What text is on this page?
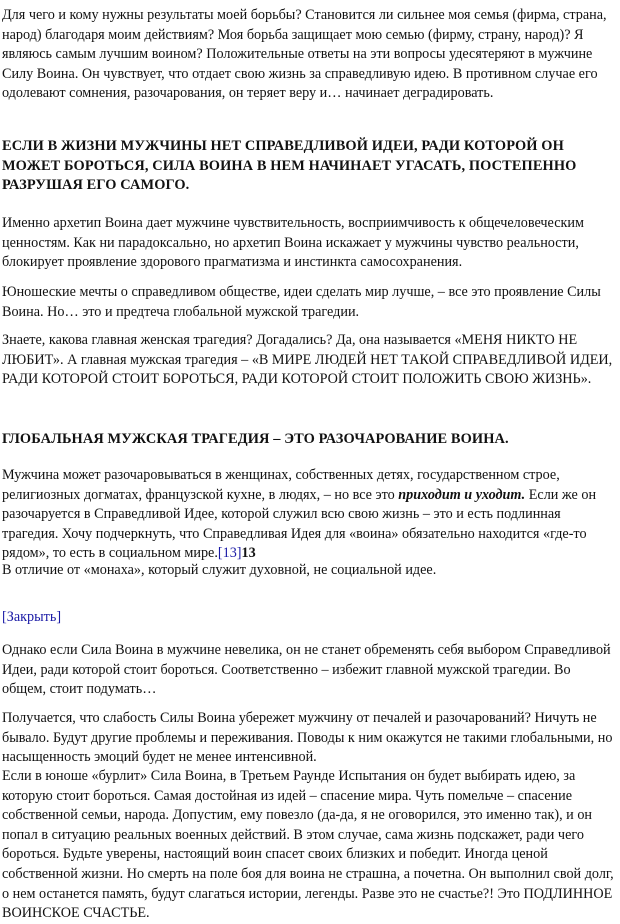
Для чего и кому нужны результаты моей борьбы? Становится ли сильнее моя семья (фирма, страна, народ) благодаря моим действиям? Моя борьба защищает мою семью (фирму, страну, народ)? Я являюсь самым лучшим воином? Положительные ответы на эти вопросы удесятеряют в мужчине Силу Воина. Он чувствует, что отдает свою жизнь за справедливую идею. В противном случае его одолевают сомнения, разочарования, он теряет веру и… начинает деградировать.

ЕСЛИ В ЖИЗНИ МУЖЧИНЫ НЕТ СПРАВЕДЛИВОЙ ИДЕИ, РАДИ КОТОРОЙ ОН МОЖЕТ БОРОТЬСЯ, СИЛА ВОИНА В НЕМ НАЧИНАЕТ УГАСАТЬ, ПОСТЕПЕННО РАЗРУШАЯ ЕГО САМОГО.

Именно архетип Воина дает мужчине чувствительность, восприимчивость к общечеловеческим ценностям. Как ни парадоксально, но архетип Воина искажает у мужчины чувство реальности, блокирует проявление здорового прагматизма и инстинкта самосохранения.

Юношеские мечты о справедливом обществе, идеи сделать мир лучше, – все это проявление Силы Воина. Но… это и предтеча глобальной мужской трагедии.

Знаете, какова главная женская трагедия? Догадались? Да, она называется «МЕНЯ НИКТО НЕ ЛЮБИТ». А главная мужская трагедия – «В МИРЕ ЛЮДЕЙ НЕТ ТАКОЙ СПРАВЕДЛИВОЙ ИДЕИ, РАДИ КОТОРОЙ СТОИТ БОРОТЬСЯ, РАДИ КОТОРОЙ СТОИТ ПОЛОЖИТЬ СВОЮ ЖИЗНЬ».

ГЛОБАЛЬНАЯ МУЖСКАЯ ТРАГЕДИЯ – ЭТО РАЗОЧАРОВАНИЕ ВОИНА.

Мужчина может разочаровываться в женщинах, собственных детях, государственном строе, религиозных догматах, французской кухне, в людях, – но все это приходит и уходит. Если же он разочаруется в Справедливой Идее, которой служил всю свою жизнь – это и есть подлинная трагедия. Хочу подчеркнуть, что Справедливая Идея для «воина» обязательно находится «где-то рядом», то есть в социальном мире.[13]13

В отличие от «монаха», который служит духовной, не социальной идее.

[Закрыть]

Однако если Сила Воина в мужчине невелика, он не станет обременять себя выбором Справедливой Идеи, ради которой стоит бороться. Соответственно – избежит главной мужской трагедии. Во общем, стоит подумать…

Получается, что слабость Силы Воина убережет мужчину от печалей и разочарований? Ничуть не бывало. Будут другие проблемы и переживания. Поводы к ним окажутся не такими глобальными, но насыщенность эмоций будет не менее интенсивной.

Если в юноше «бурлит» Сила Воина, в Третьем Раунде Испытания он будет выбирать идею, за которую стоит бороться. Самая достойная из идей – спасение мира. Чуть помельче – спасение собственной семьи, народа. Допустим, ему повезло (да-да, я не оговорился, это именно так), и он попал в ситуацию реальных военных действий. В этом случае, сама жизнь подскажет, ради чего бороться. Будьте уверены, настоящий воин спасет своих близких и победит. Иногда ценой собственной жизни. Но смерть на поле боя для воина не страшна, а почетна. Он выполнил свой долг, о нем останется память, будут слагаться истории, легенды. Разве это не счастье?! Это ПОДЛИННОЕ ВОИНСКОЕ СЧАСТЬЕ.
